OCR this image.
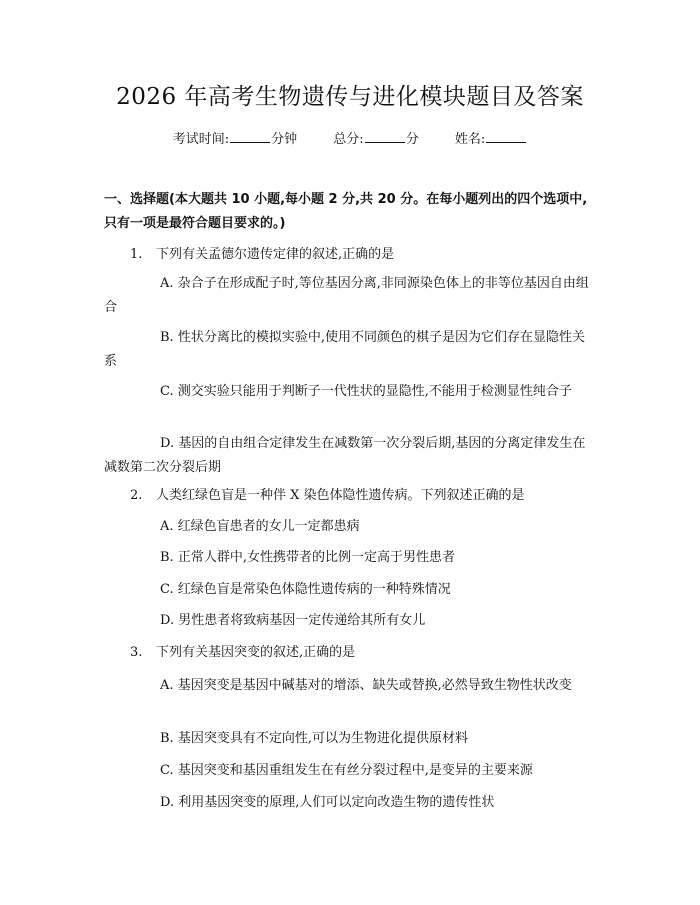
2026 年高考生物遗传与进化模块题目及答案
考试时间:	分钟	总分:	分	姓名:
一、选择题(本大题共 10 小题,每小题 2 分,共 20 分。在每小题列出的四个选项中,只有一项是最符合题目要求的。)
1. 下列有关孟德尔遗传定律的叙述,正确的是
A. 杂合子在形成配子时,等位基因分离,非同源染色体上的非等位基因自由组合
B. 性状分离比的模拟实验中,使用不同颜色的棋子是因为它们存在显隐性关系
C. 测交实验只能用于判断子一代性状的显隐性,不能用于检测显性纯合子
D. 基因的自由组合定律发生在减数第一次分裂后期,基因的分离定律发生在减数第二次分裂后期
2. 人类红绿色盲是一种伴 X 染色体隐性遗传病。下列叙述正确的是
A. 红绿色盲患者的女儿一定都患病
B. 正常人群中,女性携带者的比例一定高于男性患者
C. 红绿色盲是常染色体隐性遗传病的一种特殊情况
D. 男性患者将致病基因一定传递给其所有女儿
3. 下列有关基因突变的叙述,正确的是
A. 基因突变是基因中碱基对的增添、缺失或替换,必然导致生物性状改变
B. 基因突变具有不定向性,可以为生物进化提供原材料
C. 基因突变和基因重组发生在有丝分裂过程中,是变异的主要来源
D. 利用基因突变的原理,人们可以定向改造生物的遗传性状
